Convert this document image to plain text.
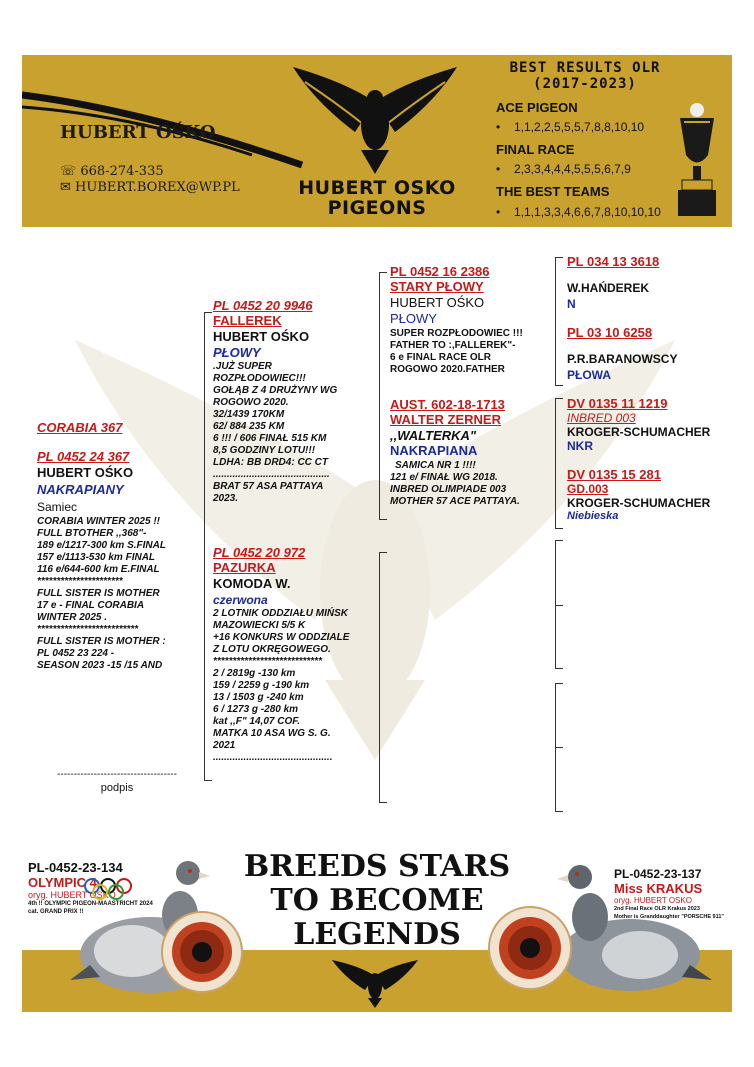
HUBERT OŚKO
☏ 668-274-335
✉ HUBERT.BOREX@WP.PL	HUBERT OSKO
PIGEONS
BEST RESULTS OLR
(2017-2023)
ACE PIGEON
• 1,1,2,2,5,5,5,7,8,8,10,10
FINAL RACE
• 2,3,3,4,4,4,5,5,5,6,7,9
THE BEST TEAMS
• 1,1,1,3,3,4,6,6,7,8,10,10,10
CORABIA 367
PL 0452 24 367
HUBERT OŚKO
NAKRAPIANY
Samiec
CORABIA WINTER 2025 !!
FULL BTOTHER ,,368"-
189 e/1217-300 km S.FINAL
157 e/1113-530 km FINAL
116 e/644-600 km E.FINAL
**********************
FULL SISTER IS MOTHER
17 e - FINAL CORABIA
WINTER 2025 .
**************************
FULL SISTER IS MOTHER :
PL 0452 23 224 -
SEASON 2023 -15 /15 AND
------------------------------------
podpis
PL 0452 20 9946
FALLEREK
HUBERT OŚKO
PŁOWY
.JUŻ SUPER
ROZPŁODOWIEC!!!
GOŁĄB Z 4 DRUŻYNY WG
ROGOWO 2020.
32/1439 170KM
62/ 884 235 KM
6 !!! / 606 FINAŁ 515 KM
8,5 GODZINY LOTU!!!
LDHA: BB DRD4: CC CT
..........................................
BRAT 57 ASA PATTAYA
2023.
PL 0452 20 972
PAZURKA
KOMODA W.
czerwona
2 LOTNIK ODDZIAŁU MIŃSK
MAZOWIECKI 5/5 K
+16 KONKURS W ODDZIALE
Z LOTU OKRĘGOWEGO.
****************************
2 / 2819g -130 km
159 / 2259 g -190 km
13 / 1503 g -240 km
6 / 1273 g -280 km
kat ,,F" 14,07 COF.
MATKA 10 ASA WG S. G.
2021
...........................................
PL 0452 16 2386
STARY PŁOWY
HUBERT OŚKO
PŁOWY
SUPER ROZPŁODOWIEC !!!
FATHER TO :,FALLEREK"-
6 e FINAL RACE OLR
ROGOWO 2020.FATHER
AUST. 602-18-1713
WALTER ZERNER
,,WALTERKA"
NAKRAPIANA
SAMICA NR 1 !!!!
121 e/ FINAŁ WG 2018.
INBRED OLIMPIADE 003
MOTHER 57 ACE PATTAYA.
PL 034 13 3618
W.HAŃDEREK
N
PL 03 10 6258
P.R.BARANOWSCY
PŁOWA
DV 0135 11 1219
INBRED 003
KROGER-SCHUMACHER
NKR
DV 0135 15 281
GD.003
KROGER-SCHUMACHER
Niebieska
BREEDS STARS
TO BECOME
LEGENDS
PL-0452-23-134
OLYMPIC 4
oryg. HUBERT OSKO
4th !! OLYMPIC PIGEON-MAASTRICHT 2024
cat. GRAND PRIX !!
PL-0452-23-137
Miss KRAKUS
oryg. HUBERT OSKO
2nd Final Race OLR Krakus 2023
Mother is Granddaughter "PORSCHE 911"
